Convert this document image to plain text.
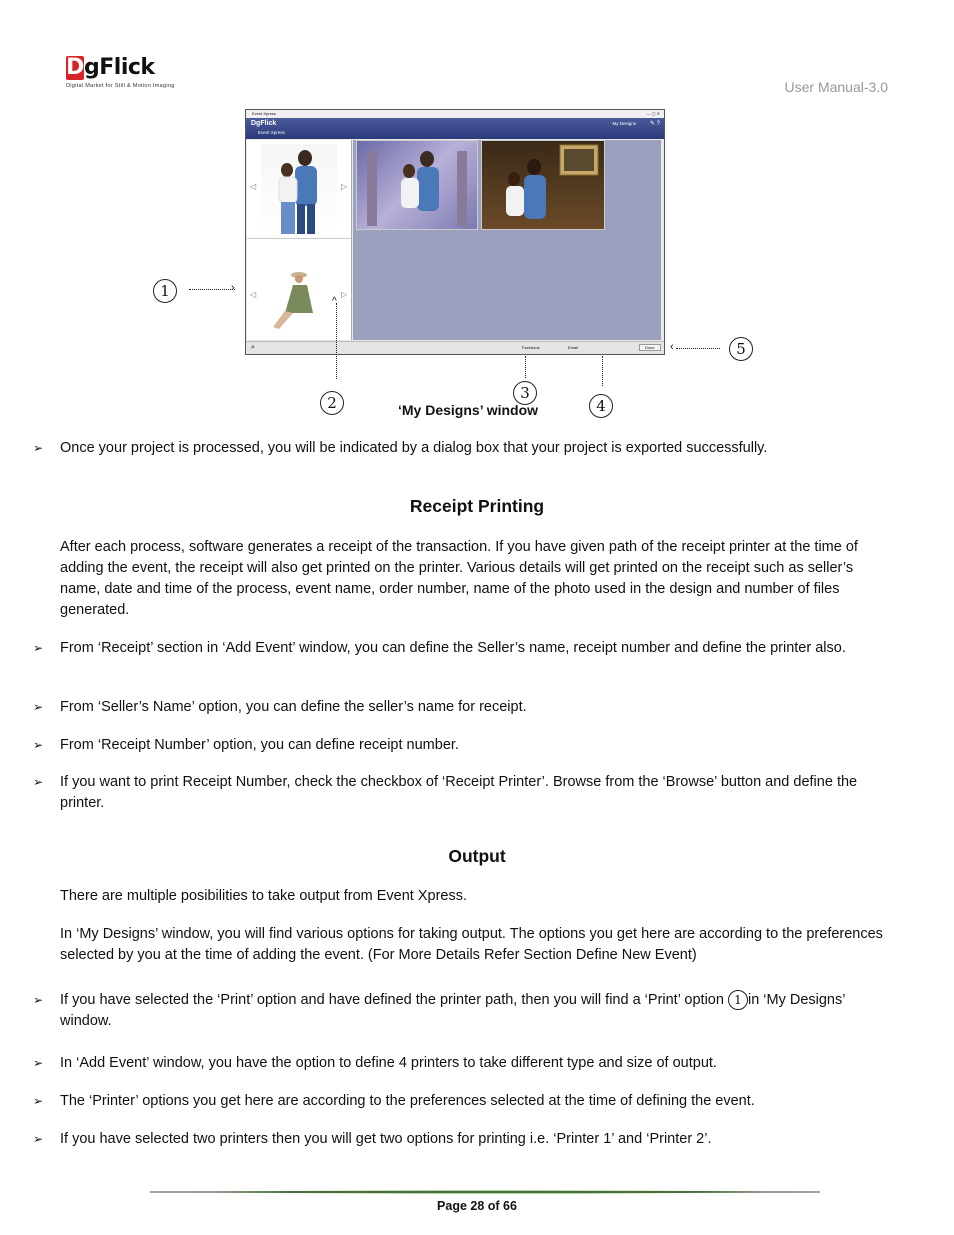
DgFlick
Digital Market for Still & Motion Imaging	User Manual-3.0
Event Xpress	— ▢ ✕
DgFlick
Event Xpress
My Designs ✎ ?
◁	▷
◁	▷
⌕	Facebook	Email	Done
1	›
2
^
3
4
5
‹
‘My Designs’ window
➢ Once your project is processed, you will be indicated by a dialog box that your project is exported successfully.
Receipt Printing
After each process, software generates a receipt of the transaction. If you have given path of the receipt printer at the time of adding the event, the receipt will also get printed on the printer. Various details will get printed on the receipt such as seller’s name, date and time of the process, event name, order number, name of the photo used in the design and number of files generated.
➢ From ‘Receipt’ section in ‘Add Event’ window, you can define the Seller’s name, receipt number and define the printer also.
➢ From ‘Seller’s Name’ option, you can define the seller’s name for receipt.
➢ From ‘Receipt Number’ option, you can define receipt number.
➢ If you want to print Receipt Number, check the checkbox of ‘Receipt Printer’. Browse from the ‘Browse’ button and define the printer.
Output
There are multiple posibilities to take output from Event Xpress.
In ‘My Designs’ window, you will find various options for taking output. The options you get here are according to the preferences selected by you at the time of adding the event. (For More Details Refer Section Define New Event)
➢ If you have selected the ‘Print’ option and have defined the printer path, then you will find a ‘Print’ option 1 in ‘My Designs’ window.
➢ In ‘Add Event’ window, you have the option to define 4 printers to take different type and size of output.
➢ The ‘Printer’ options you get here are according to the preferences selected at the time of defining the event.
➢ If you have selected two printers then you will get two options for printing i.e. ‘Printer 1’ and ‘Printer 2’.
Page 28 of 66
